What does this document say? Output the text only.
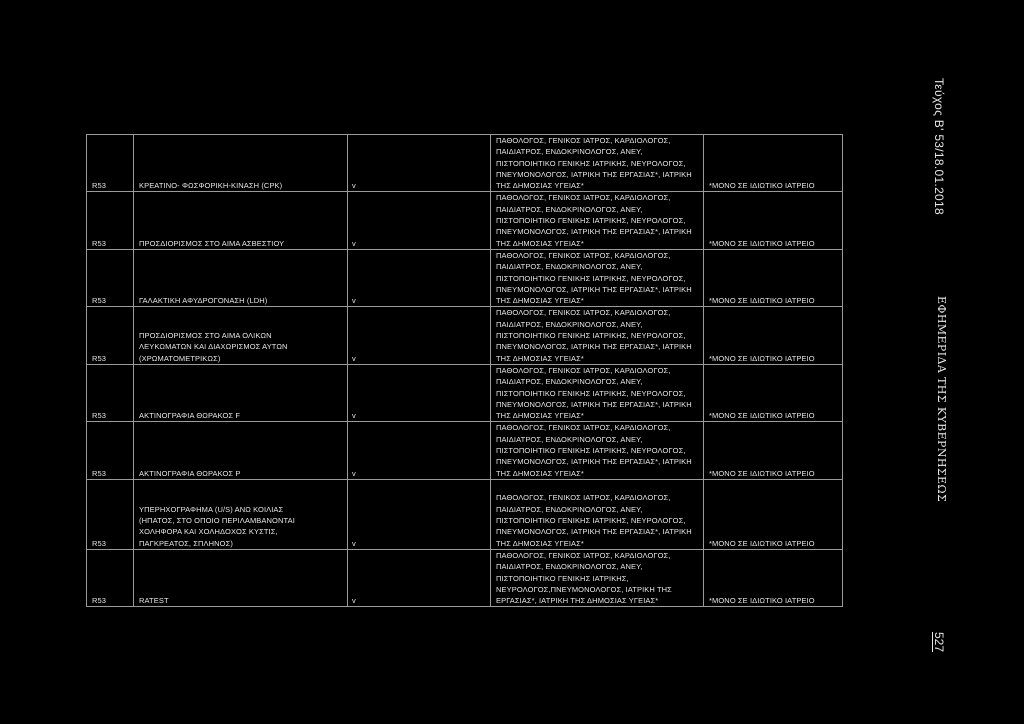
R53	ΚΡΕΑΤΙΝΟ- ΦΩΣΦΟΡΙΚΗ-ΚΙΝΑΣΗ (CPK)	v	ΠΑΘΟΛΟΓΟΣ, ΓΕΝΙΚΟΣ ΙΑΤΡΟΣ, ΚΑΡΔΙΟΛΟΓΟΣ,
ΠΑΙΔΙΑΤΡΟΣ, ΕΝΔΟΚΡΙΝΟΛΟΓΟΣ, ΑΝΕΥ,
ΠΙΣΤΟΠΟΙΗΤΙΚΟ ΓΕΝΙΚΗΣ ΙΑΤΡΙΚΗΣ, ΝΕΥΡΟΛΟΓΟΣ,
ΠΝΕΥΜΟΝΟΛΟΓΟΣ, ΙΑΤΡΙΚΗ ΤΗΣ ΕΡΓΑΣΙΑΣ*, ΙΑΤΡΙΚΗ
ΤΗΣ ΔΗΜΟΣΙΑΣ ΥΓΕΙΑΣ*	*ΜΟΝΟ ΣΕ ΙΔΙΩΤΙΚΟ ΙΑΤΡΕΙΟ
R53	ΠΡΟΣΔΙΟΡΙΣΜΟΣ ΣΤΟ ΑΙΜΑ ΑΣΒΕΣΤΙΟΥ	v	ΠΑΘΟΛΟΓΟΣ, ΓΕΝΙΚΟΣ ΙΑΤΡΟΣ, ΚΑΡΔΙΟΛΟΓΟΣ,
ΠΑΙΔΙΑΤΡΟΣ, ΕΝΔΟΚΡΙΝΟΛΟΓΟΣ, ΑΝΕΥ,
ΠΙΣΤΟΠΟΙΗΤΙΚΟ ΓΕΝΙΚΗΣ ΙΑΤΡΙΚΗΣ, ΝΕΥΡΟΛΟΓΟΣ,
ΠΝΕΥΜΟΝΟΛΟΓΟΣ, ΙΑΤΡΙΚΗ ΤΗΣ ΕΡΓΑΣΙΑΣ*, ΙΑΤΡΙΚΗ
ΤΗΣ ΔΗΜΟΣΙΑΣ ΥΓΕΙΑΣ*	*ΜΟΝΟ ΣΕ ΙΔΙΩΤΙΚΟ ΙΑΤΡΕΙΟ
R53	ΓΑΛΑΚΤΙΚΗ ΑΦΥΔΡΟΓΟΝΑΣΗ (LDH)	v	ΠΑΘΟΛΟΓΟΣ, ΓΕΝΙΚΟΣ ΙΑΤΡΟΣ, ΚΑΡΔΙΟΛΟΓΟΣ,
ΠΑΙΔΙΑΤΡΟΣ, ΕΝΔΟΚΡΙΝΟΛΟΓΟΣ, ΑΝΕΥ,
ΠΙΣΤΟΠΟΙΗΤΙΚΟ ΓΕΝΙΚΗΣ ΙΑΤΡΙΚΗΣ, ΝΕΥΡΟΛΟΓΟΣ,
ΠΝΕΥΜΟΝΟΛΟΓΟΣ, ΙΑΤΡΙΚΗ ΤΗΣ ΕΡΓΑΣΙΑΣ*, ΙΑΤΡΙΚΗ
ΤΗΣ ΔΗΜΟΣΙΑΣ ΥΓΕΙΑΣ*	*ΜΟΝΟ ΣΕ ΙΔΙΩΤΙΚΟ ΙΑΤΡΕΙΟ
R53	ΠΡΟΣΔΙΟΡΙΣΜΟΣ ΣΤΟ ΑΙΜΑ ΟΛΙΚΩΝ
ΛΕΥΚΩΜΑΤΩΝ ΚΑΙ ΔΙΑΧΩΡΙΣΜΟΣ ΑΥΤΩΝ
(ΧΡΩΜΑΤΟΜΕΤΡΙΚΩΣ)	v	ΠΑΘΟΛΟΓΟΣ, ΓΕΝΙΚΟΣ ΙΑΤΡΟΣ, ΚΑΡΔΙΟΛΟΓΟΣ,
ΠΑΙΔΙΑΤΡΟΣ, ΕΝΔΟΚΡΙΝΟΛΟΓΟΣ, ΑΝΕΥ,
ΠΙΣΤΟΠΟΙΗΤΙΚΟ ΓΕΝΙΚΗΣ ΙΑΤΡΙΚΗΣ, ΝΕΥΡΟΛΟΓΟΣ,
ΠΝΕΥΜΟΝΟΛΟΓΟΣ, ΙΑΤΡΙΚΗ ΤΗΣ ΕΡΓΑΣΙΑΣ*, ΙΑΤΡΙΚΗ
ΤΗΣ ΔΗΜΟΣΙΑΣ ΥΓΕΙΑΣ*	*ΜΟΝΟ ΣΕ ΙΔΙΩΤΙΚΟ ΙΑΤΡΕΙΟ
R53	ΑΚΤΙΝΟΓΡΑΦΙΑ ΘΩΡΑΚΟΣ F	v	ΠΑΘΟΛΟΓΟΣ, ΓΕΝΙΚΟΣ ΙΑΤΡΟΣ, ΚΑΡΔΙΟΛΟΓΟΣ,
ΠΑΙΔΙΑΤΡΟΣ, ΕΝΔΟΚΡΙΝΟΛΟΓΟΣ, ΑΝΕΥ,
ΠΙΣΤΟΠΟΙΗΤΙΚΟ ΓΕΝΙΚΗΣ ΙΑΤΡΙΚΗΣ, ΝΕΥΡΟΛΟΓΟΣ,
ΠΝΕΥΜΟΝΟΛΟΓΟΣ, ΙΑΤΡΙΚΗ ΤΗΣ ΕΡΓΑΣΙΑΣ*, ΙΑΤΡΙΚΗ
ΤΗΣ ΔΗΜΟΣΙΑΣ ΥΓΕΙΑΣ*	*ΜΟΝΟ ΣΕ ΙΔΙΩΤΙΚΟ ΙΑΤΡΕΙΟ
R53	ΑΚΤΙΝΟΓΡΑΦΙΑ ΘΩΡΑΚΟΣ P	v	ΠΑΘΟΛΟΓΟΣ, ΓΕΝΙΚΟΣ ΙΑΤΡΟΣ, ΚΑΡΔΙΟΛΟΓΟΣ,
ΠΑΙΔΙΑΤΡΟΣ, ΕΝΔΟΚΡΙΝΟΛΟΓΟΣ, ΑΝΕΥ,
ΠΙΣΤΟΠΟΙΗΤΙΚΟ ΓΕΝΙΚΗΣ ΙΑΤΡΙΚΗΣ, ΝΕΥΡΟΛΟΓΟΣ,
ΠΝΕΥΜΟΝΟΛΟΓΟΣ, ΙΑΤΡΙΚΗ ΤΗΣ ΕΡΓΑΣΙΑΣ*, ΙΑΤΡΙΚΗ
ΤΗΣ ΔΗΜΟΣΙΑΣ ΥΓΕΙΑΣ*	*ΜΟΝΟ ΣΕ ΙΔΙΩΤΙΚΟ ΙΑΤΡΕΙΟ
R53	ΥΠΕΡΗΧΟΓΡΑΦΗΜΑ (U/S) ΑΝΩ ΚΟΙΛΙΑΣ
(ΗΠΑΤΟΣ, ΣΤΟ ΟΠΟΙΟ ΠΕΡΙΛΑΜΒΑΝΟΝΤΑΙ
ΧΟΛΗΦΟΡΑ ΚΑΙ ΧΟΛΗΔΟΧΟΣ ΚΥΣΤΙΣ,
ΠΑΓΚΡΕΑΤΟΣ, ΣΠΛΗΝΟΣ)	v	ΠΑΘΟΛΟΓΟΣ, ΓΕΝΙΚΟΣ ΙΑΤΡΟΣ, ΚΑΡΔΙΟΛΟΓΟΣ,
ΠΑΙΔΙΑΤΡΟΣ, ΕΝΔΟΚΡΙΝΟΛΟΓΟΣ, ΑΝΕΥ,
ΠΙΣΤΟΠΟΙΗΤΙΚΟ ΓΕΝΙΚΗΣ ΙΑΤΡΙΚΗΣ, ΝΕΥΡΟΛΟΓΟΣ,
ΠΝΕΥΜΟΝΟΛΟΓΟΣ, ΙΑΤΡΙΚΗ ΤΗΣ ΕΡΓΑΣΙΑΣ*, ΙΑΤΡΙΚΗ
ΤΗΣ ΔΗΜΟΣΙΑΣ ΥΓΕΙΑΣ*	*ΜΟΝΟ ΣΕ ΙΔΙΩΤΙΚΟ ΙΑΤΡΕΙΟ
R53	RATEST	v	ΠΑΘΟΛΟΓΟΣ, ΓΕΝΙΚΟΣ ΙΑΤΡΟΣ, ΚΑΡΔΙΟΛΟΓΟΣ,
ΠΑΙΔΙΑΤΡΟΣ, ΕΝΔΟΚΡΙΝΟΛΟΓΟΣ, ΑΝΕΥ,
ΠΙΣΤΟΠΟΙΗΤΙΚΟ ΓΕΝΙΚΗΣ ΙΑΤΡΙΚΗΣ,
ΝΕΥΡΟΛΟΓΟΣ,ΠΝΕΥΜΟΝΟΛΟΓΟΣ, ΙΑΤΡΙΚΗ ΤΗΣ
ΕΡΓΑΣΙΑΣ*, ΙΑΤΡΙΚΗ ΤΗΣ ΔΗΜΟΣΙΑΣ ΥΓΕΙΑΣ*	*ΜΟΝΟ ΣΕ ΙΔΙΩΤΙΚΟ ΙΑΤΡΕΙΟ
Τεύχος Β' 53/18.01.2018
ΕΦΗΜΕΡΙΔΑ ΤΗΣ ΚΥΒΕΡΝΗΣΕΩΣ
527
